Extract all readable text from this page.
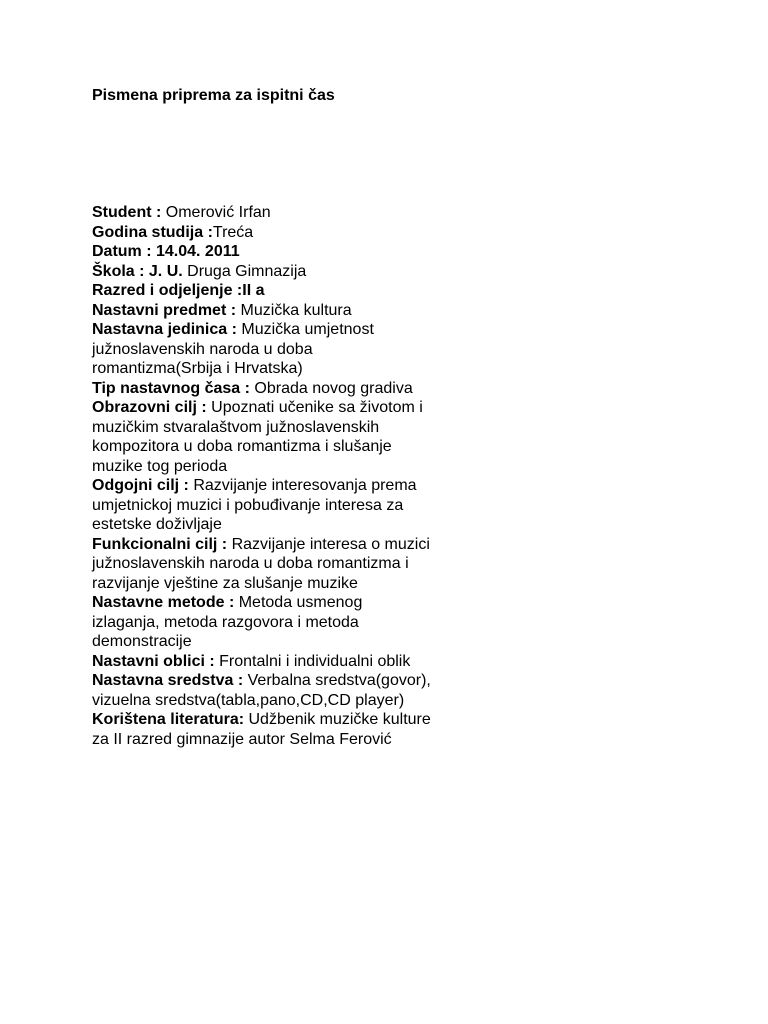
Pismena priprema za ispitni čas

Student : Omerović Irfan

Godina studija :Treća

Datum : 14.04. 2011

Škola : J. U. Druga Gimnazija

Razred i odjeljenje :II a

Nastavni predmet : Muzička kultura

Nastavna jedinica : Muzička umjetnost južnoslavenskih naroda u doba romantizma(Srbija i Hrvatska)

Tip nastavnog časa : Obrada novog gradiva

Obrazovni cilj : Upoznati učenike sa životom i muzičkim stvaralaštvom južnoslavenskih kompozitora u doba romantizma i slušanje muzike tog perioda

Odgojni cilj : Razvijanje interesovanja prema umjetnickoj muzici i pobuđivanje interesa za estetske doživljaje

Funkcionalni cilj : Razvijanje interesa o muzici južnoslavenskih naroda u doba romantizma i razvijanje vještine za slušanje muzike

Nastavne metode : Metoda usmenog izlaganja, metoda razgovora i metoda demonstracije

Nastavni oblici : Frontalni i individualni oblik

Nastavna sredstva : Verbalna sredstva(govor), vizuelna sredstva(tabla,pano,CD,CD player)

Korištena literatura: Udžbenik muzičke kulture za II razred gimnazije autor Selma Ferović
